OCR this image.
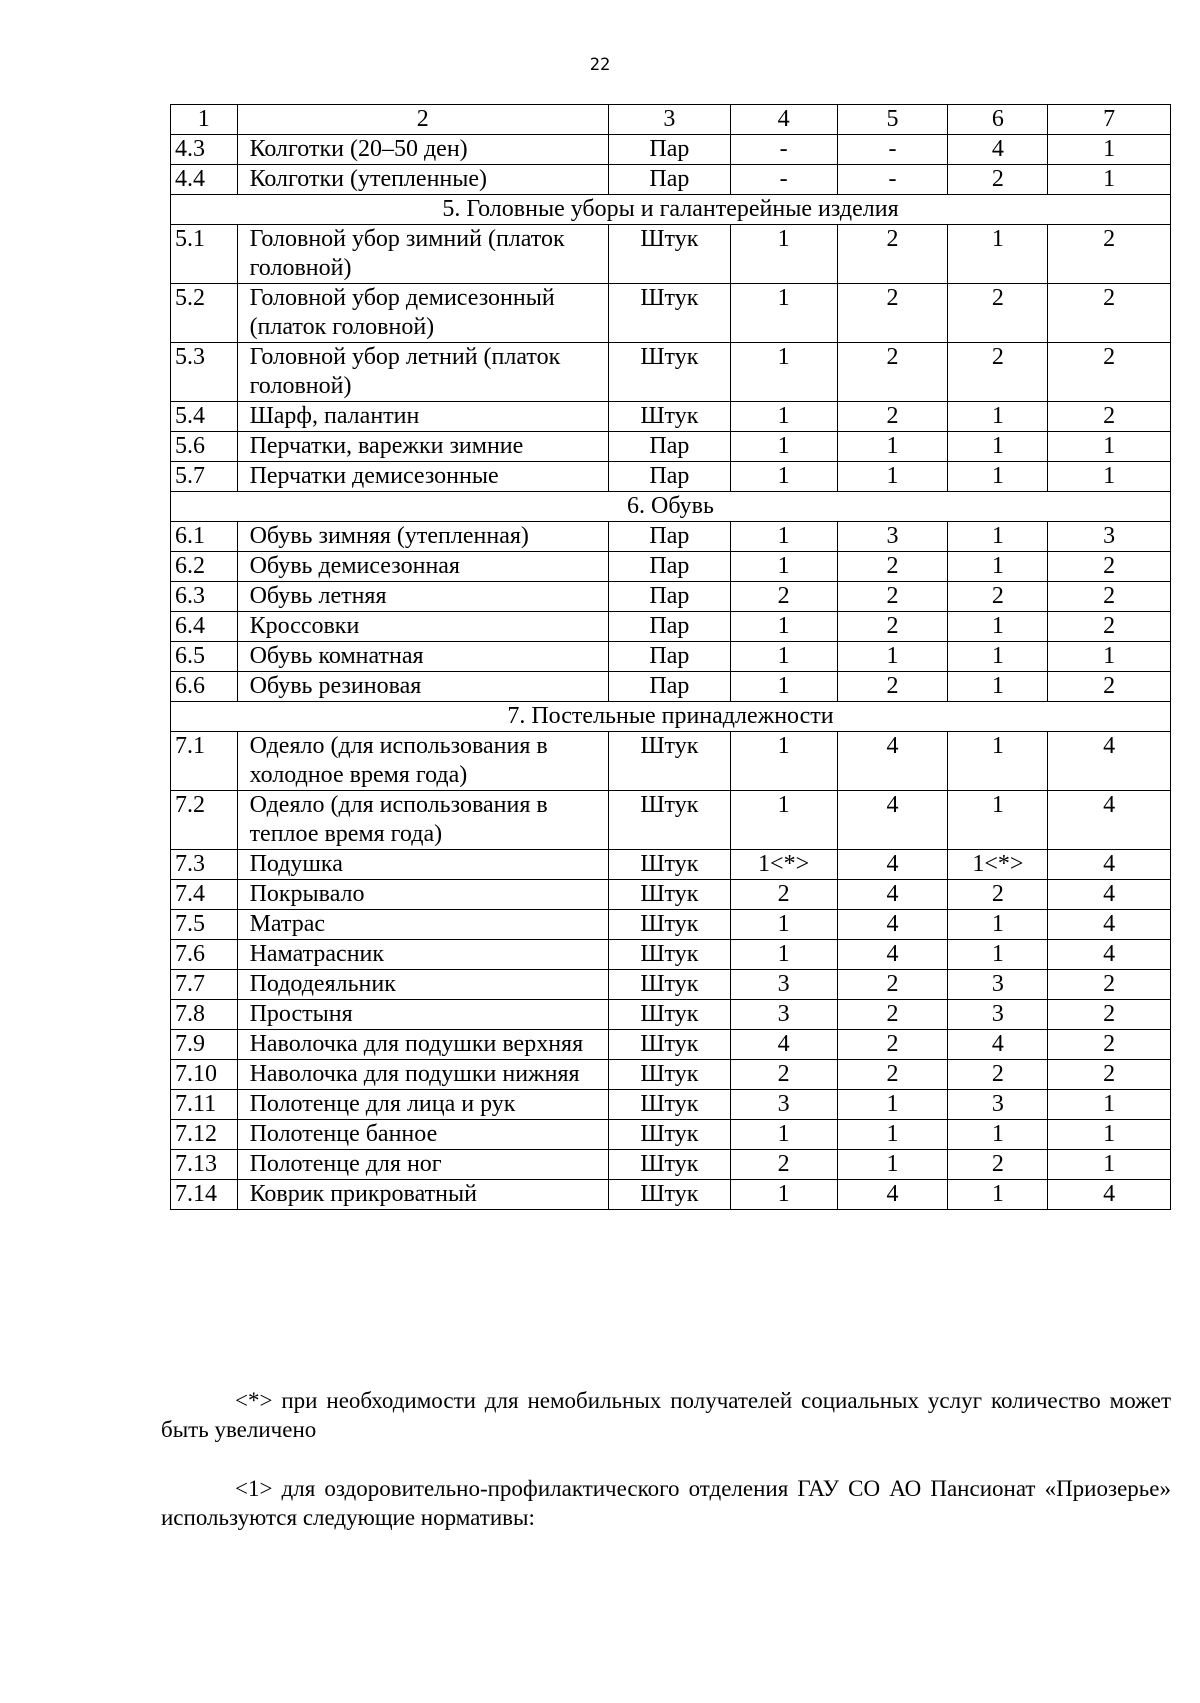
22
1	2	3	4	5	6	7
4.3	Колготки (20–50 ден)	Пар	-	-	4	1
4.4	Колготки (утепленные)	Пар	-	-	2	1
5. Головные уборы и галантерейные изделия						
5.1	Головной убор зимний (платок головной)	Штук	1	2	1	2
5.2	Головной убор демисезонный (платок головной)	Штук	1	2	2	2
5.3	Головной убор летний (платок головной)	Штук	1	2	2	2
5.4	Шарф, палантин	Штук	1	2	1	2
5.6	Перчатки, варежки зимние	Пар	1	1	1	1
5.7	Перчатки демисезонные	Пар	1	1	1	1
6. Обувь						
6.1	Обувь зимняя (утепленная)	Пар	1	3	1	3
6.2	Обувь демисезонная	Пар	1	2	1	2
6.3	Обувь летняя	Пар	2	2	2	2
6.4	Кроссовки	Пар	1	2	1	2
6.5	Обувь комнатная	Пар	1	1	1	1
6.6	Обувь резиновая	Пар	1	2	1	2
7. Постельные принадлежности						
7.1	Одеяло (для использования в холодное время года)	Штук	1	4	1	4
7.2	Одеяло (для использования в теплое время года)	Штук	1	4	1	4
7.3	Подушка	Штук	1<*>	4	1<*>	4
7.4	Покрывало	Штук	2	4	2	4
7.5	Матрас	Штук	1	4	1	4
7.6	Наматрасник	Штук	1	4	1	4
7.7	Пододеяльник	Штук	3	2	3	2
7.8	Простыня	Штук	3	2	3	2
7.9	Наволочка для подушки верхняя	Штук	4	2	4	2
7.10	Наволочка для подушки нижняя	Штук	2	2	2	2
7.11	Полотенце для лица и рук	Штук	3	1	3	1
7.12	Полотенце банное	Штук	1	1	1	1
7.13	Полотенце для ног	Штук	2	1	2	1
7.14	Коврик прикроватный	Штук	1	4	1	4

<*> при необходимости для немобильных получателей социальных услуг количество может быть увеличено

<1> для оздоровительно-профилактического отделения ГАУ СО АО Пансионат «Приозерье» используются следующие нормативы:
